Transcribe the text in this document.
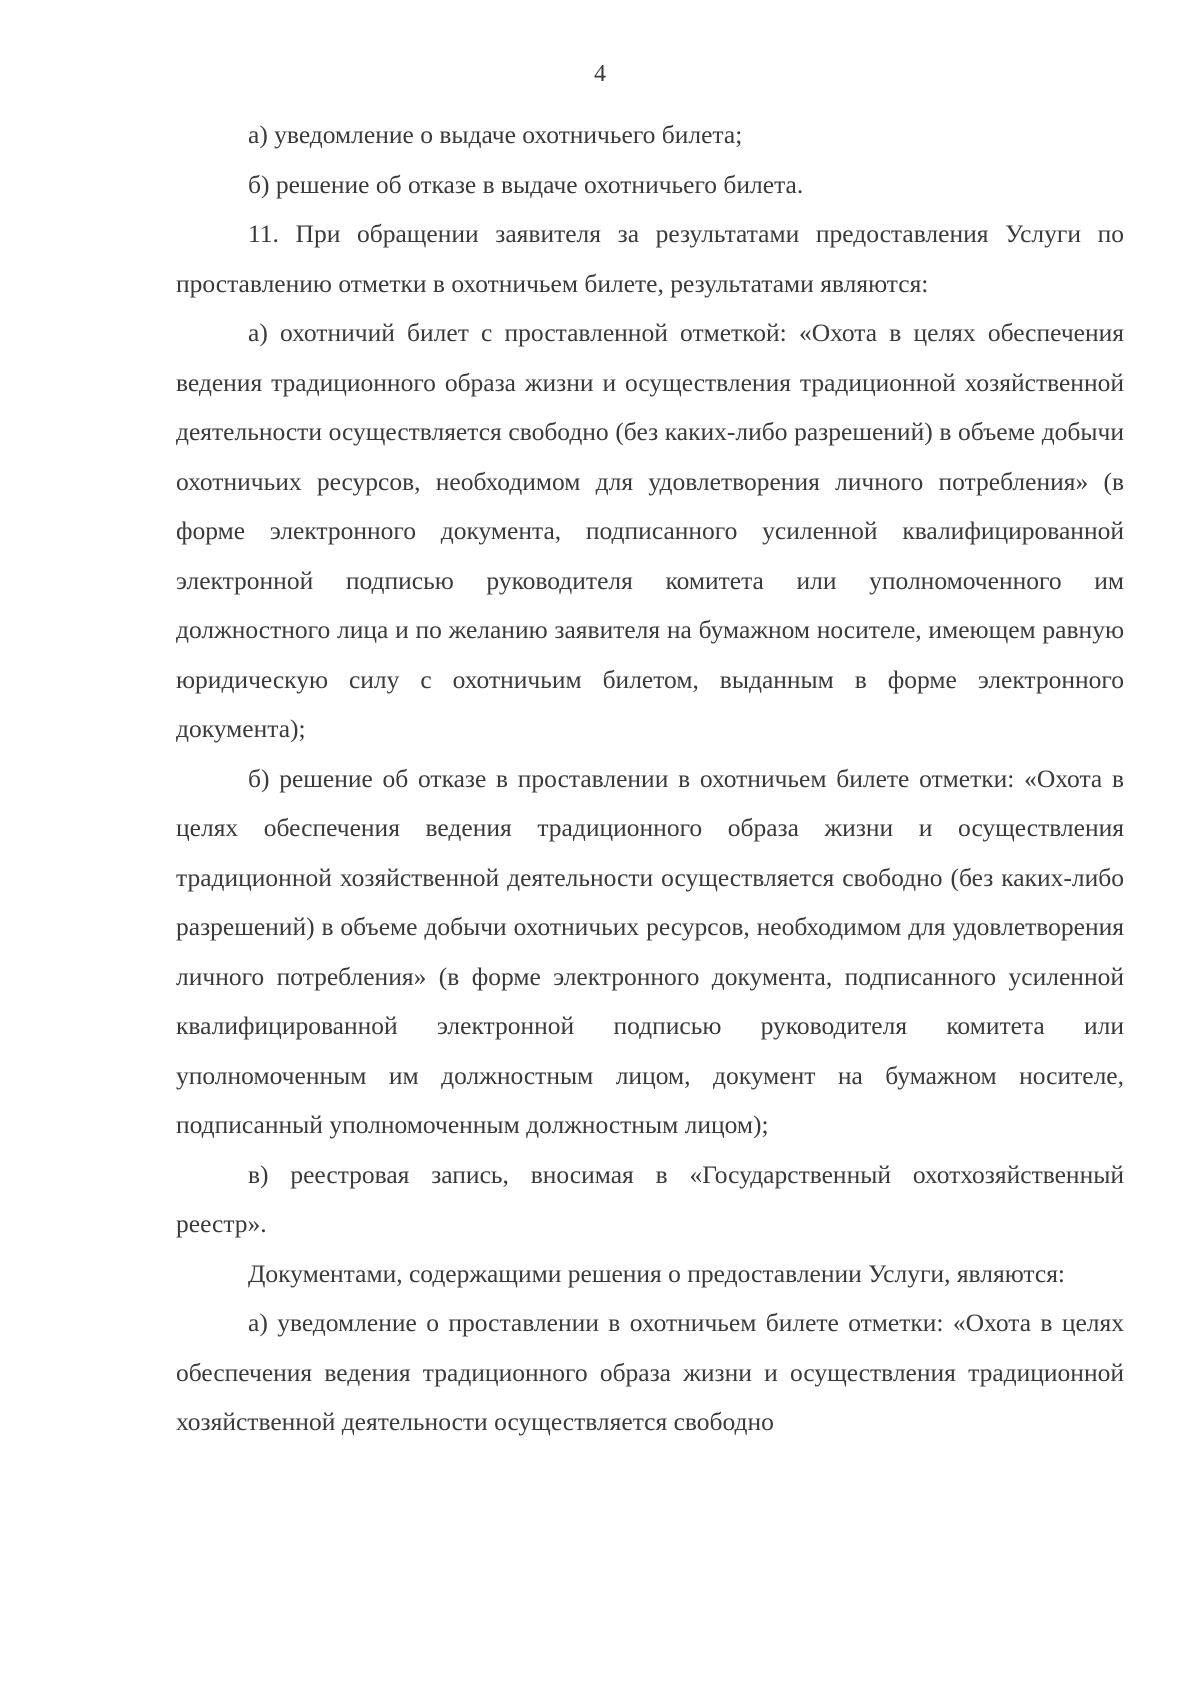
4

а) уведомление о выдаче охотничьего билета;

б) решение об отказе в выдаче охотничьего билета.

11. При обращении заявителя за результатами предоставления Услуги по проставлению отметки в охотничьем билете, результатами являются:

а) охотничий билет с проставленной отметкой: «Охота в целях обеспечения ведения традиционного образа жизни и осуществления традиционной хозяйственной деятельности осуществляется свободно (без каких-либо разрешений) в объеме добычи охотничьих ресурсов, необходимом для удовлетворения личного потребления» (в форме электронного документа, подписанного усиленной квалифицированной электронной подписью руководителя комитета или уполномоченного им должностного лица и по желанию заявителя на бумажном носителе, имеющем равную юридическую силу с охотничьим билетом, выданным в форме электронного документа);

б) решение об отказе в проставлении в охотничьем билете отметки: «Охота в целях обеспечения ведения традиционного образа жизни и осуществления традиционной хозяйственной деятельности осуществляется свободно (без каких-либо разрешений) в объеме добычи охотничьих ресурсов, необходимом для удовлетворения личного потребления» (в форме электронного документа, подписанного усиленной квалифицированной электронной подписью руководителя комитета или уполномоченным им должностным лицом, документ на бумажном носителе, подписанный уполномоченным должностным лицом);

в) реестровая запись, вносимая в «Государственный охотхозяйственный реестр».

Документами, содержащими решения о предоставлении Услуги, являются:

а) уведомление о проставлении в охотничьем билете отметки: «Охота в целях обеспечения ведения традиционного образа жизни и осуществления традиционной хозяйственной деятельности осуществляется свободно
